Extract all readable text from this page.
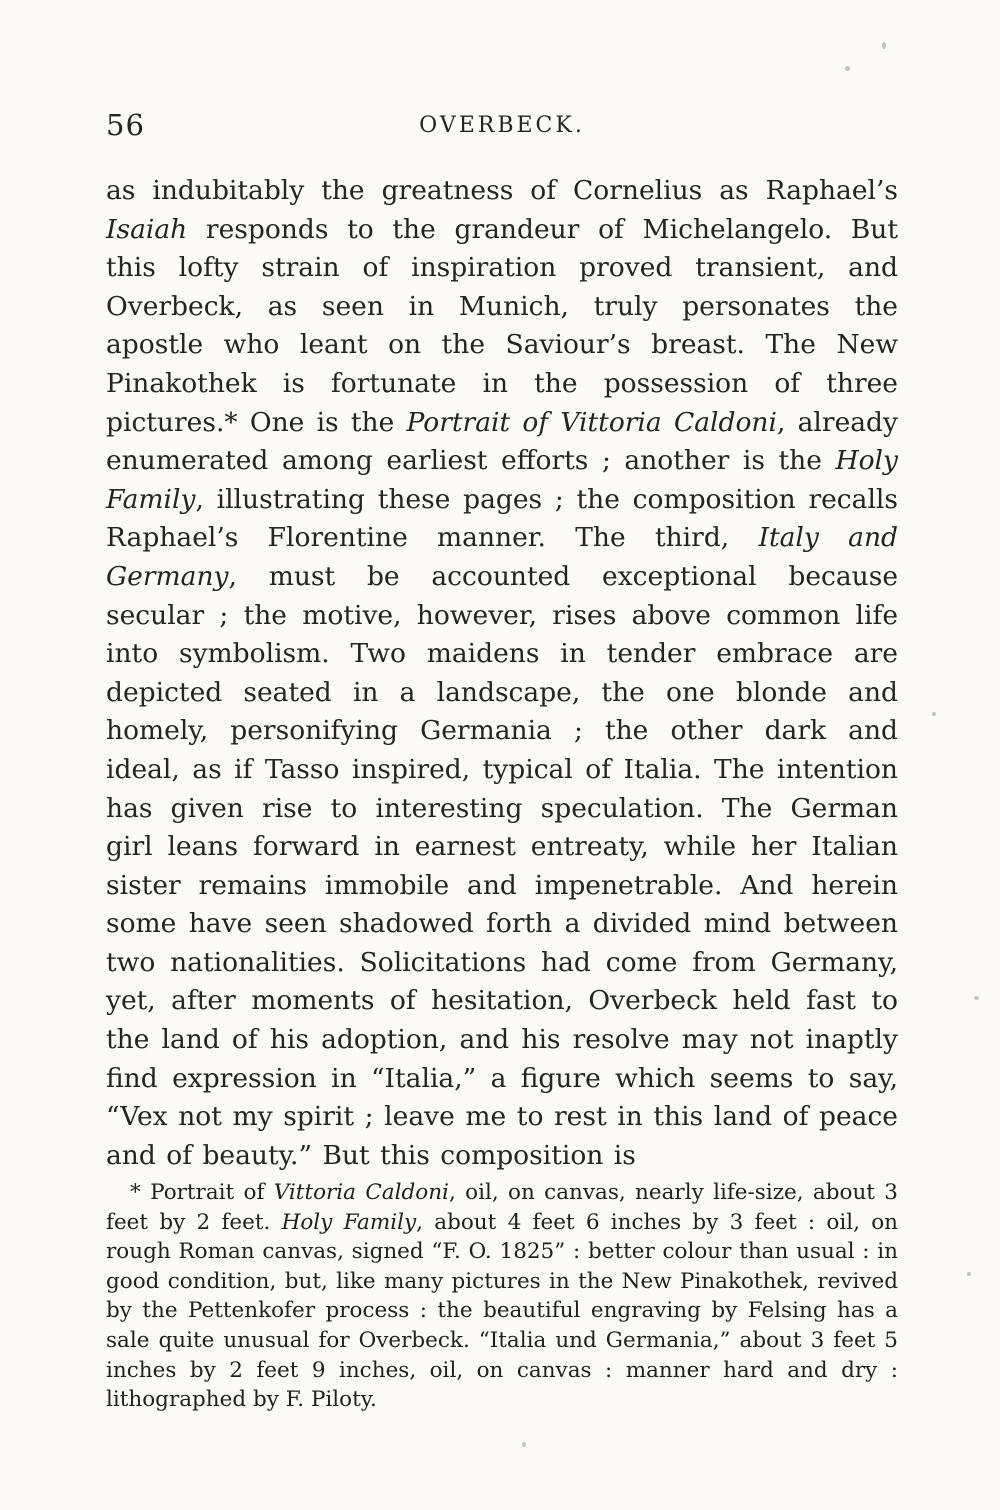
56	OVERBECK.

as indubitably the greatness of Cornelius as Raphael’s Isaiah responds to the grandeur of Michelangelo. But this lofty strain of inspiration proved transient, and Overbeck, as seen in Munich, truly personates the apostle who leant on the Saviour’s breast. The New Pinakothek is fortunate in the possession of three pictures.* One is the Portrait of Vittoria Caldoni, already enumerated among earliest efforts ; another is the Holy Family, illustrating these pages ; the composition recalls Raphael’s Florentine manner. The third, Italy and Germany, must be accounted exceptional because secular ; the motive, however, rises above common life into symbolism. Two maidens in tender embrace are depicted seated in a landscape, the one blonde and homely, personifying Germania ; the other dark and ideal, as if Tasso inspired, typical of Italia. The intention has given rise to interesting speculation. The German girl leans forward in earnest entreaty, while her Italian sister remains immobile and impenetrable. And herein some have seen shadowed forth a divided mind between two nationalities. Solicitations had come from Germany, yet, after moments of hesitation, Overbeck held fast to the land of his adoption, and his resolve may not inaptly find expression in “Italia,” a figure which seems to say, “Vex not my spirit ; leave me to rest in this land of peace and of beauty.” But this composition is

* Portrait of Vittoria Caldoni, oil, on canvas, nearly life-size, about 3 feet by 2 feet. Holy Family, about 4 feet 6 inches by 3 feet : oil, on rough Roman canvas, signed “F. O. 1825” : better colour than usual : in good condition, but, like many pictures in the New Pinakothek, revived by the Pettenkofer process : the beautiful engraving by Felsing has a sale quite unusual for Overbeck. “Italia und Germania,” about 3 feet 5 inches by 2 feet 9 inches, oil, on canvas : manner hard and dry : lithographed by F. Piloty.
